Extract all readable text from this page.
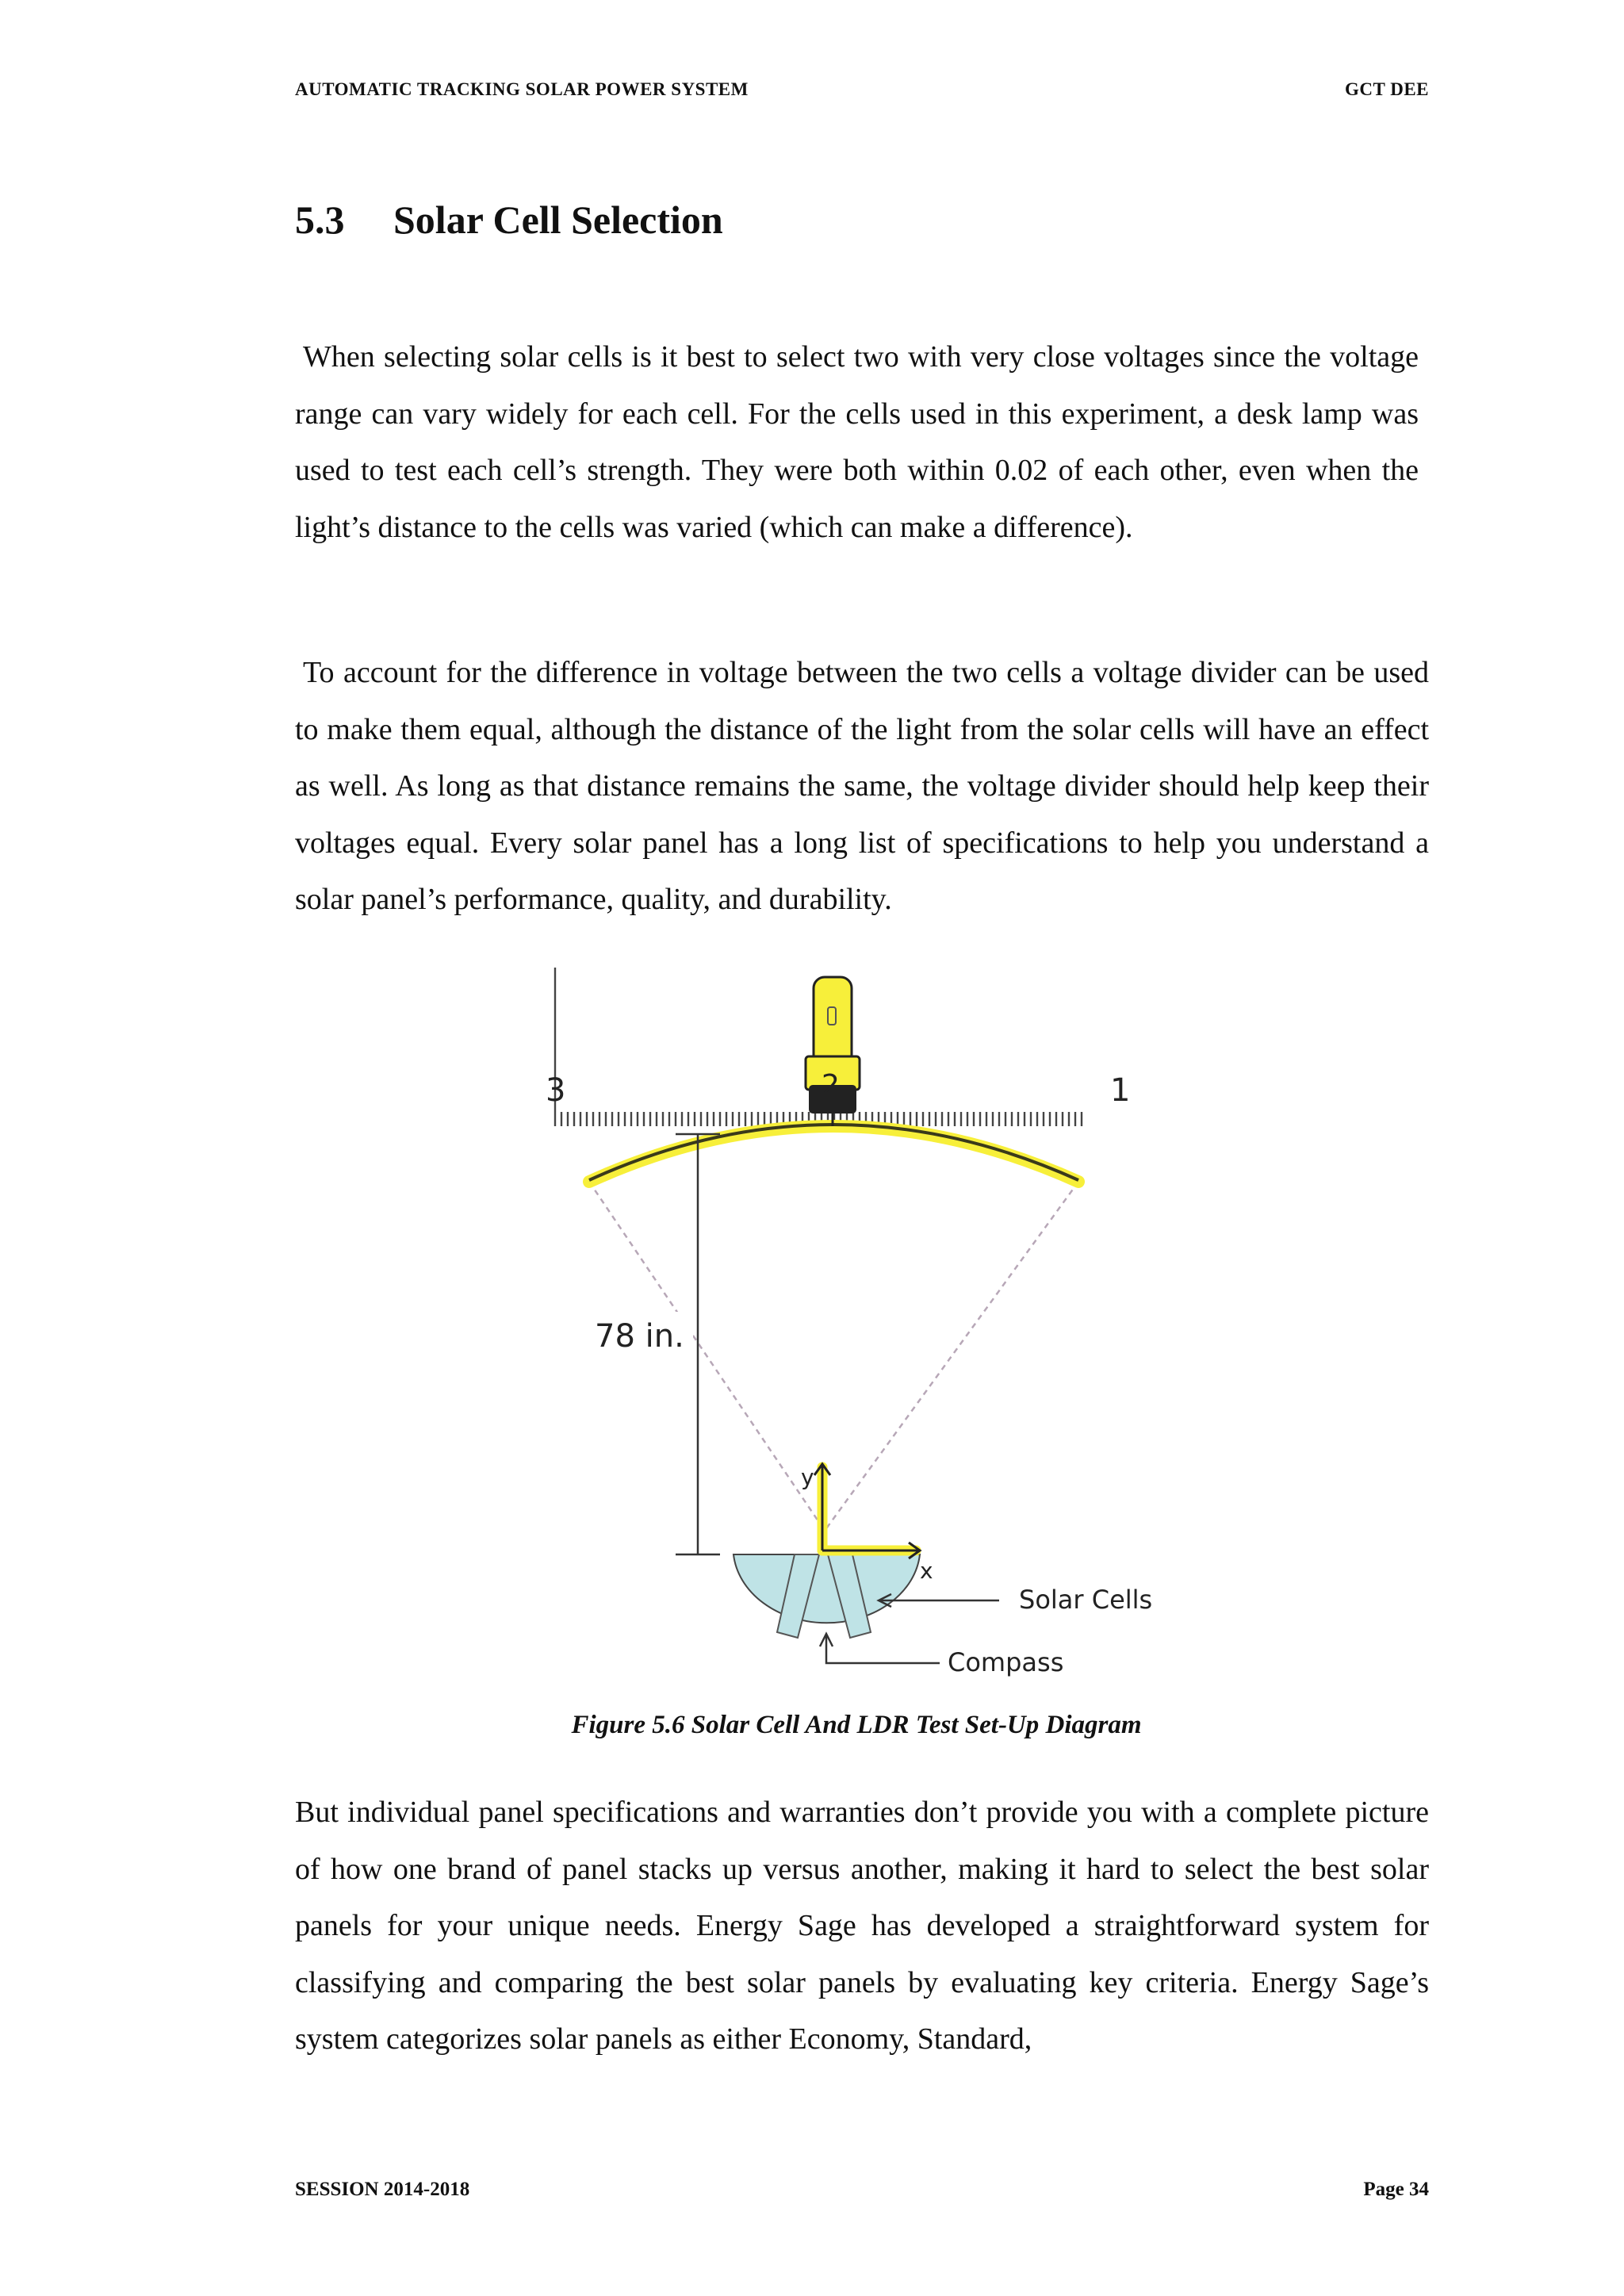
AUTOMATIC TRACKING SOLAR POWER SYSTEM	GCT DEE
5.3 Solar Cell Selection

When selecting solar cells is it best to select two with very close voltages since the voltage range can vary widely for each cell. For the cells used in this experiment, a desk lamp was used to test each cell’s strength. They were both within 0.02 of each other, even when the light’s distance to the cells was varied (which can make a difference).

To account for the difference in voltage between the two cells a voltage divider can be used to make them equal, although the distance of the light from the solar cells will have an effect as well. As long as that distance remains the same, the voltage divider should help keep their voltages equal. Every solar panel has a long list of specifications to help you understand a solar panel’s performance, quality, and durability.

3	1
2
78 in.
y
x
Solar Cells
Compass
Figure 5.6 Solar Cell And LDR Test Set-Up Diagram

But individual panel specifications and warranties don’t provide you with a complete picture of how one brand of panel stacks up versus another, making it hard to select the best solar panels for your unique needs. Energy Sage has developed a straightforward system for classifying and comparing the best solar panels by evaluating key criteria. Energy Sage’s system categorizes solar panels as either Economy, Standard,

SESSION 2014-2018	Page 34
